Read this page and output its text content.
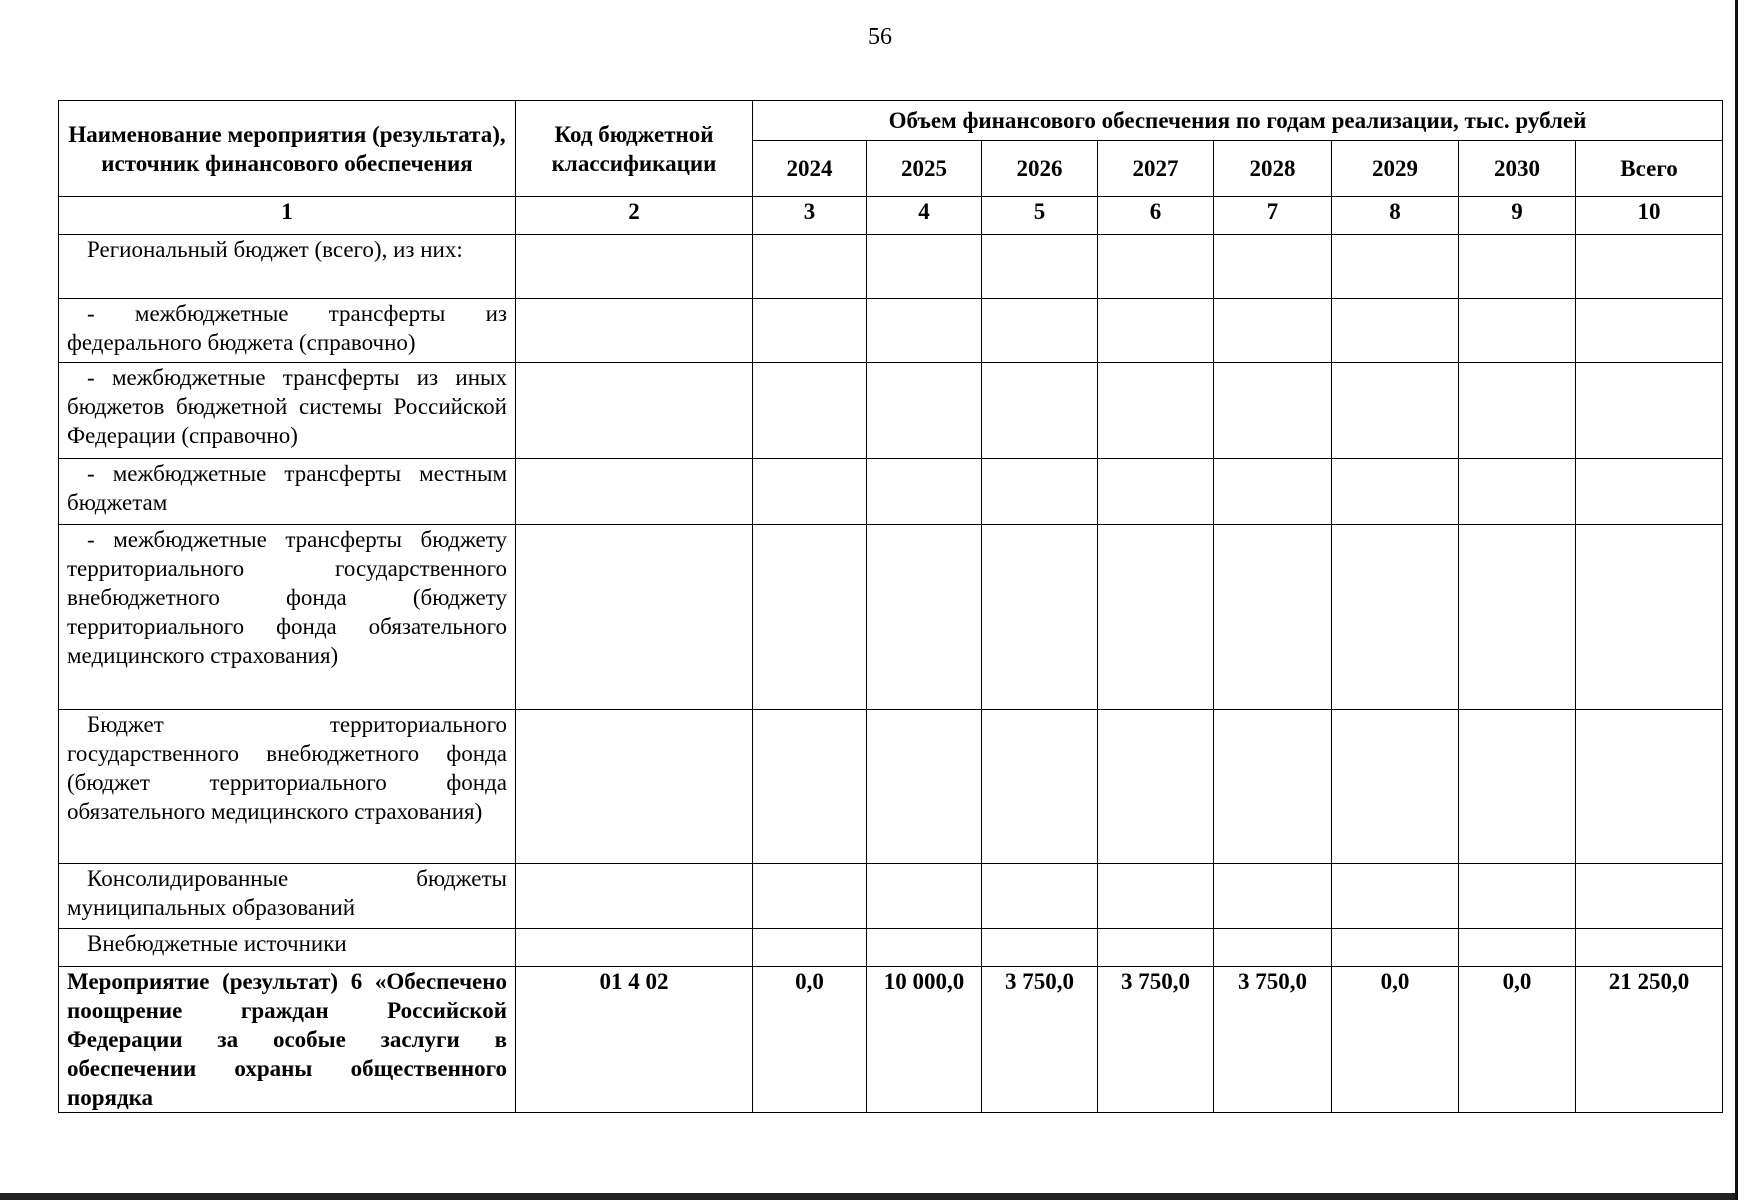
56
Наименование мероприятия (результата), источник финансового обеспечения	Код бюджетной классификации	Объем финансового обеспечения по годам реализации, тыс. рублей							
		2024	2025	2026	2027	2028	2029	2030	Всего
1	2	3	4	5	6	7	8	9	10
Региональный бюджет (всего), из них:									
- межбюджетные трансферты из федерального бюджета (справочно)									
- межбюджетные трансферты из иных бюджетов бюджетной системы Российской Федерации (справочно)									
- межбюджетные трансферты местным бюджетам									
- межбюджетные трансферты бюджету территориального государственного внебюджетного фонда (бюджету территориального фонда обязательного медицинского страхования)									
Бюджет территориального государственного внебюджетного фонда (бюджет территориального фонда обязательного медицинского страхования)									
Консолидированные бюджеты муниципальных образований									
Внебюджетные источники									
Мероприятие (результат) 6 «Обеспечено поощрение граждан Российской Федерации за особые заслуги в обеспечении охраны общественного порядка	01 4 02	0,0	10 000,0	3 750,0	3 750,0	3 750,0	0,0	0,0	21 250,0
